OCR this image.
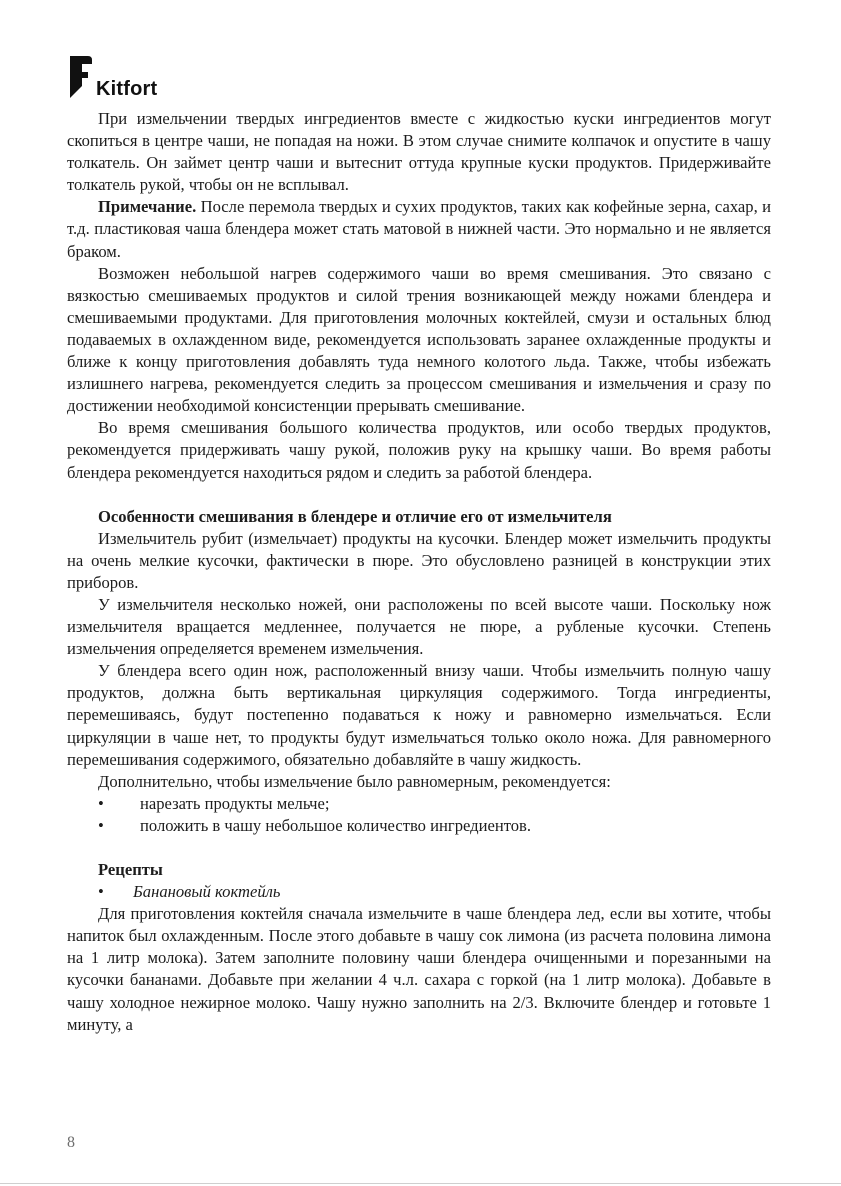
Kitfort

При измельчении твердых ингредиентов вместе с жидкостью куски ингредиентов могут скопиться в центре чаши, не попадая на ножи. В этом случае снимите колпачок и опустите в чашу толкатель. Он займет центр чаши и вытеснит оттуда крупные куски продуктов. Придерживайте толкатель рукой, чтобы он не всплывал.

Примечание. После перемола твердых и сухих продуктов, таких как кофейные зерна, сахар, и т.д. пластиковая чаша блендера может стать матовой в нижней части. Это нормально и не является браком.

Возможен небольшой нагрев содержимого чаши во время смешивания. Это связано с вязкостью смешиваемых продуктов и силой трения возникающей между ножами блендера и смешиваемыми продуктами. Для приготовления молочных коктейлей, смузи и остальных блюд подаваемых в охлажденном виде, рекомендуется использовать заранее охлажденные продукты и ближе к концу приготовления добавлять туда немного колотого льда. Также, чтобы избежать излишнего нагрева, рекомендуется следить за процессом смешивания и измельчения и сразу по достижении необходимой консистенции прерывать смешивание.

Во время смешивания большого количества продуктов, или особо твердых продуктов, рекомендуется придерживать чашу рукой, положив руку на крышку чаши. Во время работы блендера рекомендуется находиться рядом и следить за работой блендера.

Особенности смешивания в блендере и отличие его от измельчителя

Измельчитель рубит (измельчает) продукты на кусочки. Блендер может измельчить продукты на очень мелкие кусочки, фактически в пюре. Это обусловлено разницей в конструкции этих приборов.

У измельчителя несколько ножей, они расположены по всей высоте чаши. Поскольку нож измельчителя вращается медленнее, получается не пюре, а рубленые кусочки. Степень измельчения определяется временем измельчения.

У блендера всего один нож, расположенный внизу чаши. Чтобы измельчить полную чашу продуктов, должна быть вертикальная циркуляция содержимого. Тогда ингредиенты, перемешиваясь, будут постепенно подаваться к ножу и равномерно измельчаться. Если циркуляции в чаше нет, то продукты будут измельчаться только около ножа. Для равномерного перемешивания содержимого, обязательно добавляйте в чашу жидкость.

Дополнительно, чтобы измельчение было равномерным, рекомендуется:

• нарезать продукты мельче;
• положить в чашу небольшое количество ингредиентов.
Рецепты
• Банановый коктейль

Для приготовления коктейля сначала измельчите в чаше блендера лед, если вы хотите, чтобы напиток был охлажденным. После этого добавьте в чашу сок лимона (из расчета половина лимона на 1 литр молока). Затем заполните половину чаши блендера очищенными и порезанными на кусочки бананами. Добавьте при желании 4 ч.л. сахара с горкой (на 1 литр молока). Добавьте в чашу холодное нежирное молоко. Чашу нужно заполнить на 2/3. Включите блендер и готовьте 1 минуту, а

8
